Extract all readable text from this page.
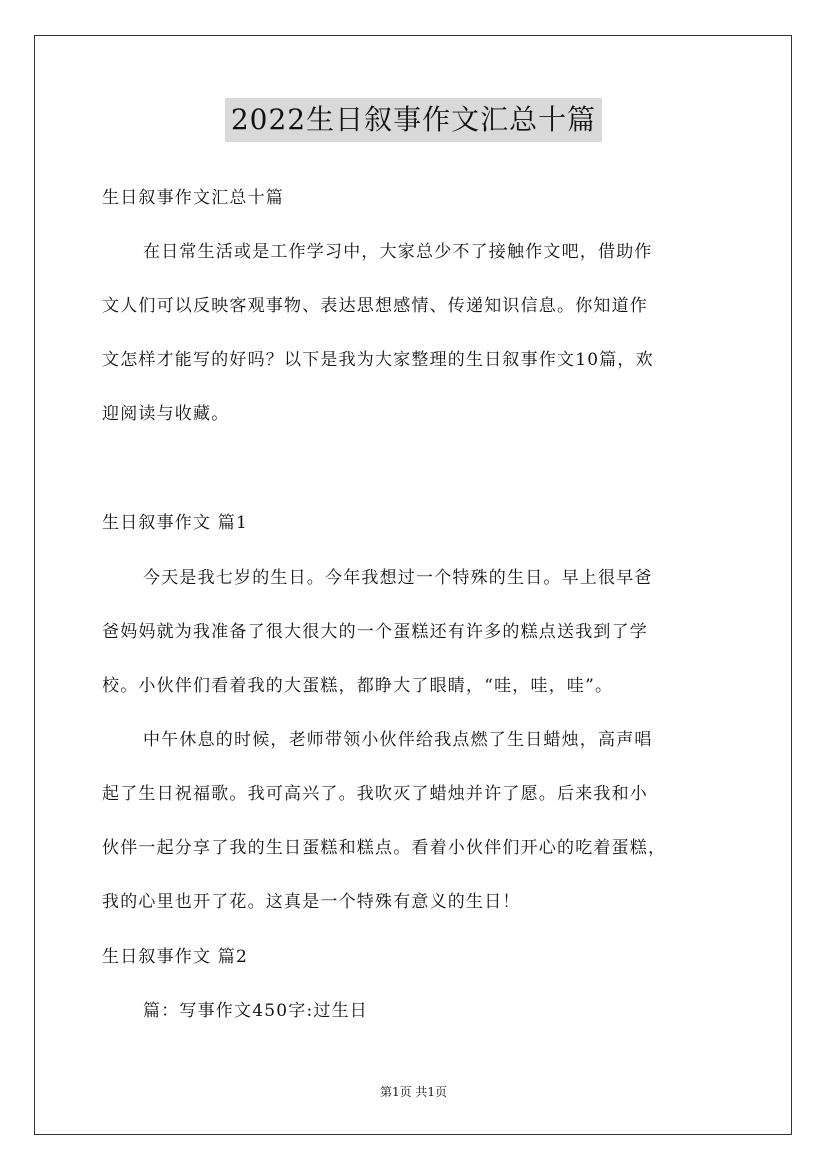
2022生日叙事作文汇总十篇
生日叙事作文汇总十篇
在日常生活或是工作学习中，大家总少不了接触作文吧，借助作
文人们可以反映客观事物、表达思想感情、传递知识信息。你知道作
文怎样才能写的好吗？以下是我为大家整理的生日叙事作文10篇，欢
迎阅读与收藏。
生日叙事作文 篇1
今天是我七岁的生日。今年我想过一个特殊的生日。早上很早爸
爸妈妈就为我准备了很大很大的一个蛋糕还有许多的糕点送我到了学
校。小伙伴们看着我的大蛋糕，都睁大了眼睛，“哇，哇，哇”。
中午休息的时候，老师带领小伙伴给我点燃了生日蜡烛，高声唱
起了生日祝福歌。我可高兴了。我吹灭了蜡烛并许了愿。后来我和小
伙伴一起分享了我的生日蛋糕和糕点。看着小伙伴们开心的吃着蛋糕，
我的心里也开了花。这真是一个特殊有意义的生日！
生日叙事作文 篇2
篇：写事作文450字:过生日
第1页 共1页
